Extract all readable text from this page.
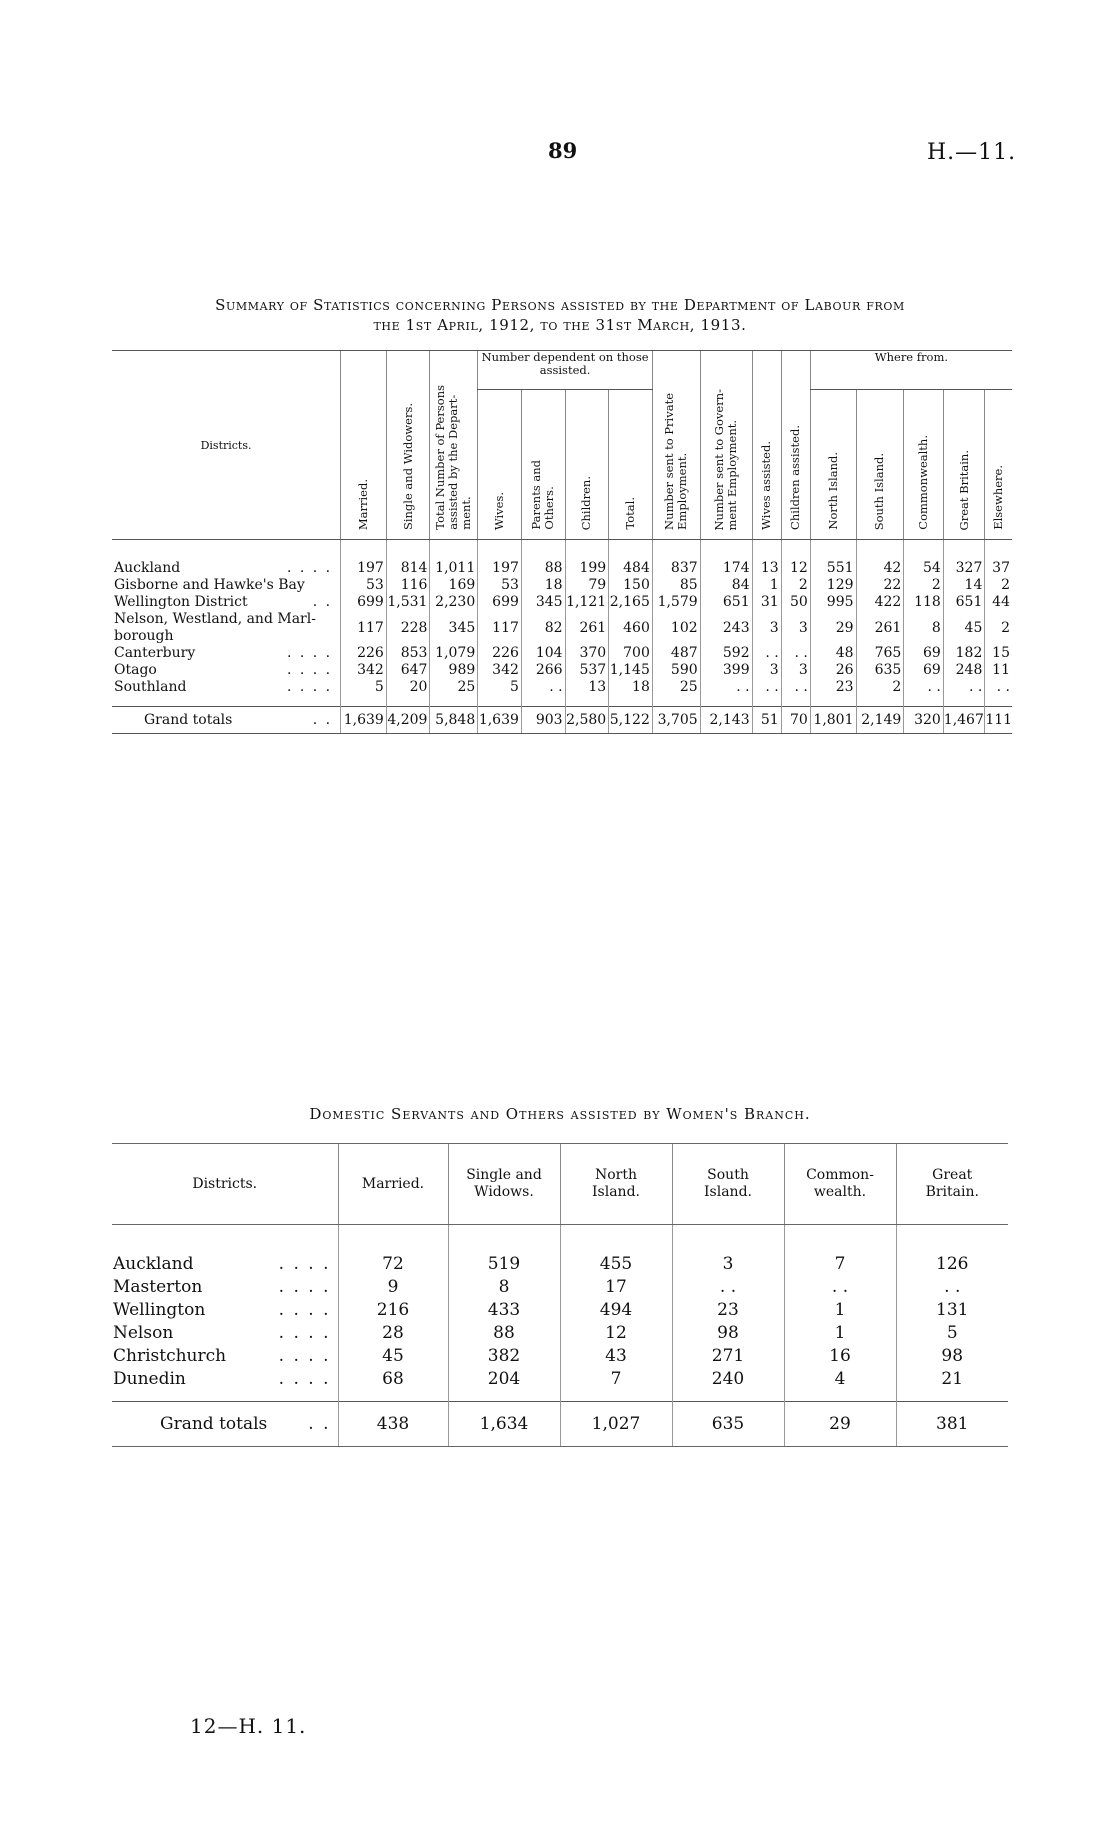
89	H.—11.
Summary of Statistics concerning Persons assisted by the Department of Labour from
the 1st April, 1912, to the 31st March, 1913.
Districts.	Married.	Single and Widowers.	Total Number of Persons
assisted by the Depart-
ment.	Number dependent on those assisted.				Number sent to Private
Employment.	Number sent to Govern-
ment Employment.	Wives assisted.	Children assisted.	Where from.				
				Wives.	Parents and
Others.	Children.	Total.					North Island.	South Island.	Commonwealth.	Great Britain.	Elsewhere.

Auckland . . . .	197	814	1,011	197	88	199	484	837	174	13	12	551	42	54	327	37
Gisborne and Hawke's Bay	53	116	169	53	18	79	150	85	84	1	2	129	22	2	14	2
Wellington District . .	699	1,531	2,230	699	345	1,121	2,165	1,579	651	31	50	995	422	118	651	44
Nelson, Westland, and Marl-borough	117	228	345	117	82	261	460	102	243	3	3	29	261	8	45	2
Canterbury . . . .	226	853	1,079	226	104	370	700	487	592	. .	. .	48	765	69	182	15
Otago . . . .	342	647	989	342	266	537	1,145	590	399	3	3	26	635	69	248	11
Southland . . . .	5	20	25	5	. .	13	18	25	. .	. .	. .	23	2	. .	. .	. .

Grand totals . .	1,639	4,209	5,848	1,639	903	2,580	5,122	3,705	2,143	51	70	1,801	2,149	320	1,467	111
Domestic Servants and Others assisted by Women's Branch.
Districts.	Married.	Single and
Widows.	North
Island.	South
Island.	Common-
wealth.	Great
Britain.

Auckland . . . .	72	519	455	3	7	126
Masterton . . . .	9	8	17	. .	. .	. .
Wellington . . . .	216	433	494	23	1	131
Nelson . . . .	28	88	12	98	1	5
Christchurch . . . .	45	382	43	271	16	98
Dunedin . . . .	68	204	7	240	4	21

Grand totals . .	438	1,634	1,027	635	29	381
12—H. 11.
